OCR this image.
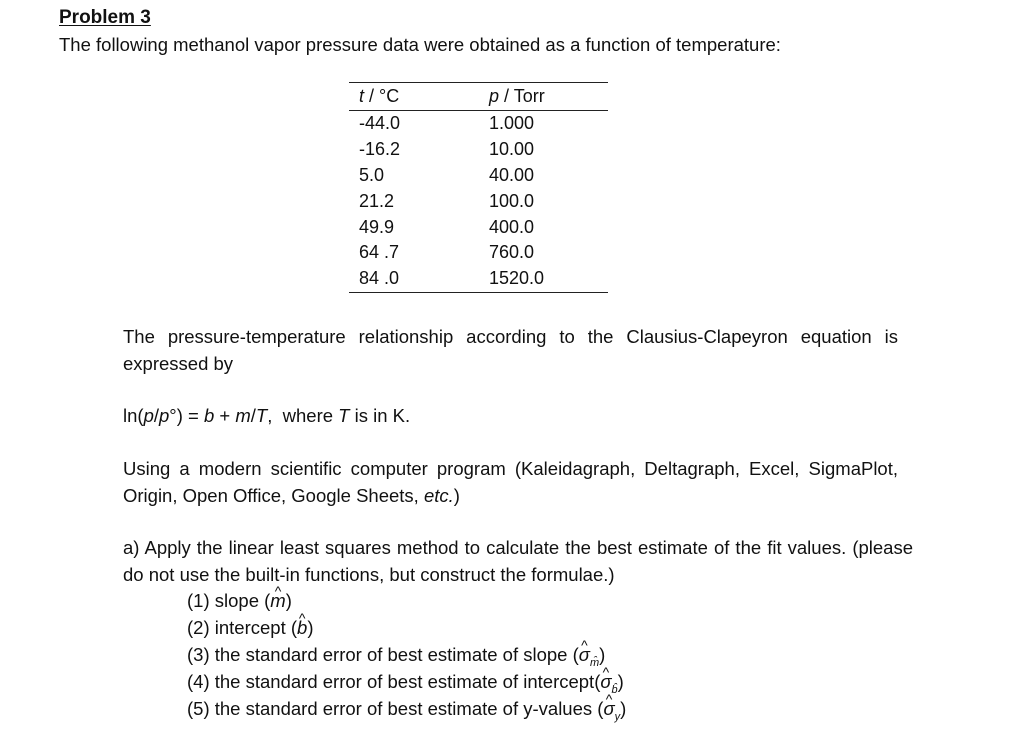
Problem 3
The following methanol vapor pressure data were obtained as a function of temperature:
t / °C	p / Torr
-44.0	1.000
-16.2	10.00
5.0	40.00
21.2	100.0
49.9	400.0
64 .7	760.0
84 .0	1520.0
The pressure-temperature relationship according to the Clausius-Clapeyron equation is expressed by
ln(p/p°) = b + m/T,  where T is in K.
Using a modern scientific computer program (Kaleidagraph, Deltagraph, Excel, SigmaPlot, Origin, Open Office, Google Sheets, etc.)
a) Apply the linear least squares method to calculate the best estimate of the fit values. (please do not use the built-in functions, but construct the formulae.)
(1) slope (^ m)
(2) intercept (^ b)
(3) the standard error of best estimate of slope (^ $\sigma_{m̂}$)
(4) the standard error of best estimate of intercept(^ $\sigma_{b̂}$)
(5) the standard error of best estimate of y-values (^ $\sigma_y$)
